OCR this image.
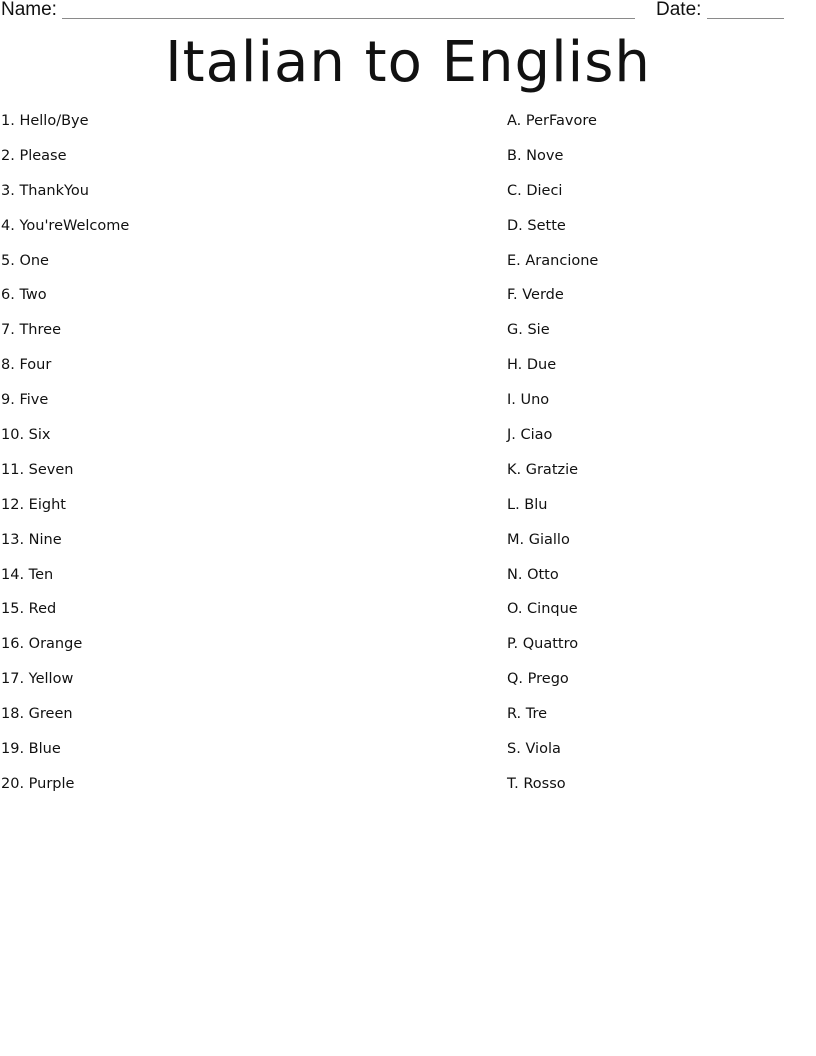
Name:	Date:
Italian to English
1. Hello/Bye
2. Please
3. ThankYou
4. You'reWelcome
5. One
6. Two
7. Three
8. Four
9. Five
10. Six
11. Seven
12. Eight
13. Nine
14. Ten
15. Red
16. Orange
17. Yellow
18. Green
19. Blue
20. Purple
A. PerFavore
B. Nove
C. Dieci
D. Sette
E. Arancione
F. Verde
G. Sie
H. Due
I. Uno
J. Ciao
K. Gratzie
L. Blu
M. Giallo
N. Otto
O. Cinque
P. Quattro
Q. Prego
R. Tre
S. Viola
T. Rosso
